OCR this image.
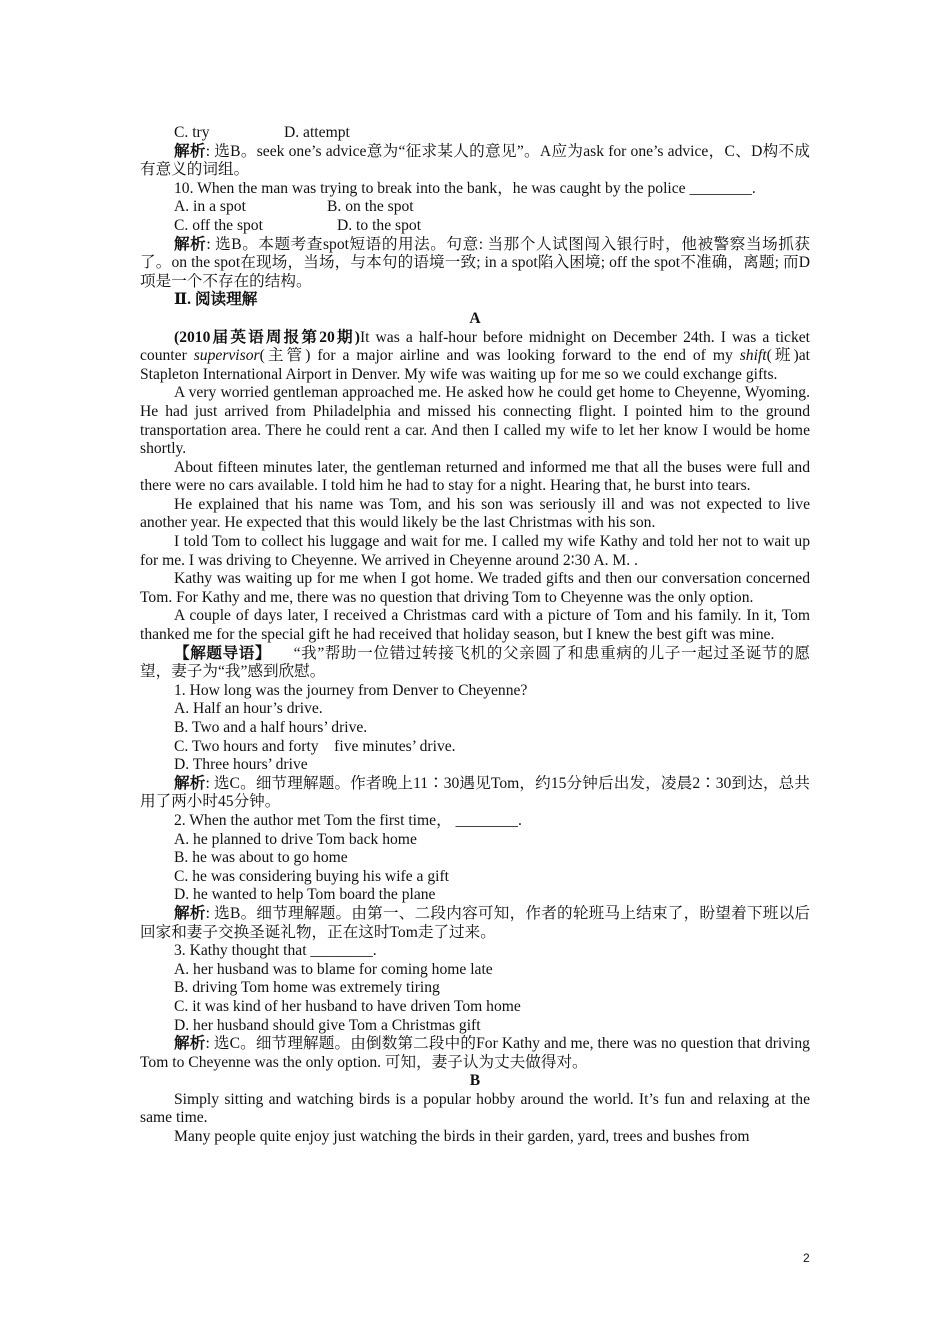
C. try	D. attempt

解析: 选B。seek one’s advice意为“征求某人的意见”。A应为ask for one’s advice，C、D构不成有意义的词组。

10. When the man was trying to break into the bank，he was caught by the police ________.

A. in a spot	B. on the spot

C. off the spot	D. to the spot

解析: 选B。本题考查spot短语的用法。句意: 当那个人试图闯入银行时，他被警察当场抓获了。on the spot在现场，当场，与本句的语境一致; in a spot陷入困境; off the spot不准确，离题; 而D项是一个不存在的结构。

Ⅱ. 阅读理解

A

(2010届英语周报第20期)It was a half-hour before midnight on December 24th. I was a ticket counter supervisor(主管) for a major airline and was looking forward to the end of my shift(班)at Stapleton International Airport in Denver. My wife was waiting up for me so we could exchange gifts.

A very worried gentleman approached me. He asked how he could get home to Cheyenne, Wyoming. He had just arrived from Philadelphia and missed his connecting flight. I pointed him to the ground transportation area. There he could rent a car. And then I called my wife to let her know I would be home shortly.

About fifteen minutes later, the gentleman returned and informed me that all the buses were full and there were no cars available. I told him he had to stay for a night. Hearing that, he burst into tears.

He explained that his name was Tom, and his son was seriously ill and was not expected to live another year. He expected that this would likely be the last Christmas with his son.

I told Tom to collect his luggage and wait for me. I called my wife Kathy and told her not to wait up for me. I was driving to Cheyenne. We arrived in Cheyenne around 2∶30 A. M. .

Kathy was waiting up for me when I got home. We traded gifts and then our conversation concerned Tom. For Kathy and me, there was no question that driving Tom to Cheyenne was the only option.

A couple of days later, I received a Christmas card with a picture of Tom and his family. In it, Tom thanked me for the special gift he had received that holiday season, but I knew the best gift was mine.

【解题导语】 “我”帮助一位错过转接飞机的父亲圆了和患重病的儿子一起过圣诞节的愿望，妻子为“我”感到欣慰。

1. How long was the journey from Denver to Cheyenne?

A. Half an hour’s drive.

B. Two and a half hours’ drive.

C. Two hours and forty    five minutes’ drive.

D. Three hours’ drive

解析: 选C。细节理解题。作者晚上11∶30遇见Tom，约15分钟后出发，凌晨2∶30到达，总共用了两小时45分钟。

2. When the author met Tom the first time， ________.

A. he planned to drive Tom back home

B. he was about to go home

C. he was considering buying his wife a gift

D. he wanted to help Tom board the plane

解析: 选B。细节理解题。由第一、二段内容可知，作者的轮班马上结束了，盼望着下班以后回家和妻子交换圣诞礼物，正在这时Tom走了过来。

3. Kathy thought that ________.

A. her husband was to blame for coming home late

B. driving Tom home was extremely tiring

C. it was kind of her husband to have driven Tom home

D. her husband should give Tom a Christmas gift

解析: 选C。细节理解题。由倒数第二段中的For Kathy and me, there was no question that driving Tom to Cheyenne was the only option. 可知，妻子认为丈夫做得对。

B

Simply sitting and watching birds is a popular hobby around the world. It’s fun and relaxing at the same time.

Many people quite enjoy just watching the birds in their garden, yard, trees and bushes from

2
